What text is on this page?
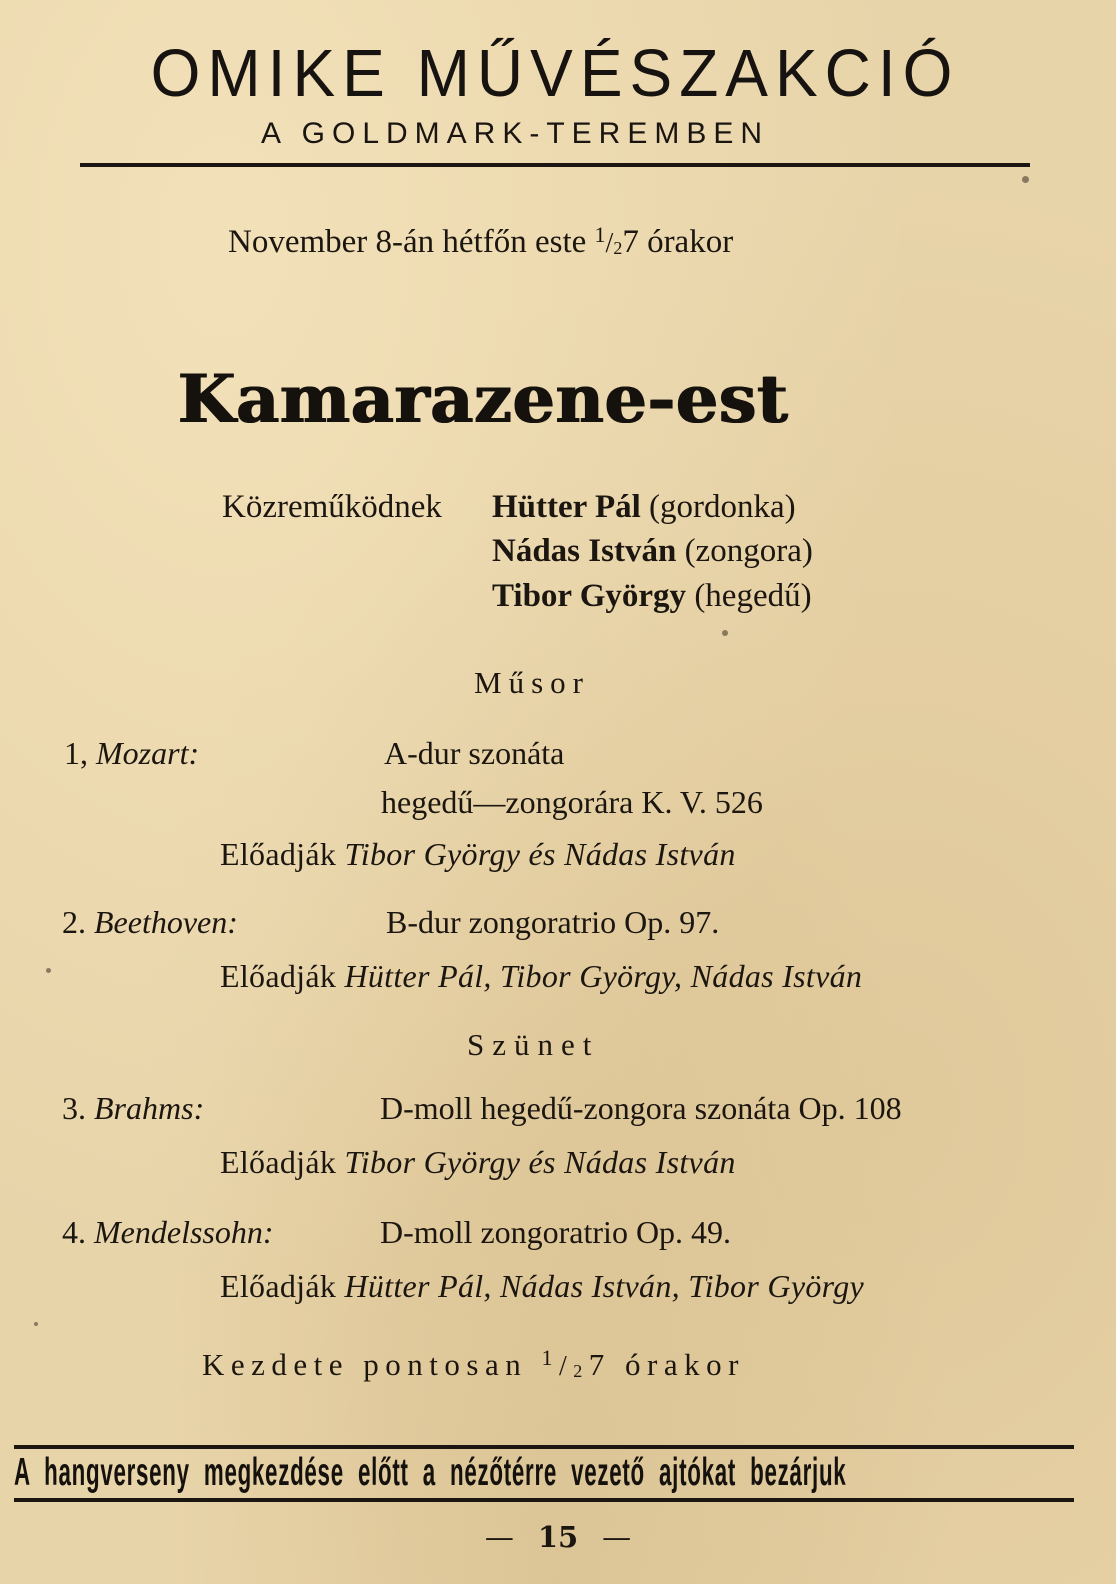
OMIKE MŰVÉSZAKCIÓ
A GOLDMARK-TEREMBEN
November 8-án hétfőn este $^1$/27 órakor
Kamarazene-est
Közreműködnek Hütter Pál (gordonka)
Nádas István (zongora)
Tibor György (hegedű)
Műsor
1, Mozart:	A-dur szonáta
hegedű—zongorára K. V. 526
Előadják Tibor György és Nádas István
2. Beethoven:	B-dur zongoratrio Op. 97.
Előadják Hütter Pál, Tibor György, Nádas István
Szünet
3. Brahms:	D-moll hegedű-zongora szonáta Op. 108
Előadják Tibor György és Nádas István
4. Mendelssohn:	D-moll zongoratrio Op. 49.
Előadják Hütter Pál, Nádas István, Tibor György
Kezdete pontosan $^1$/27 órakor
A hangverseny megkezdése előtt a nézőtérre vezető ajtókat bezárjuk
— 15 —
